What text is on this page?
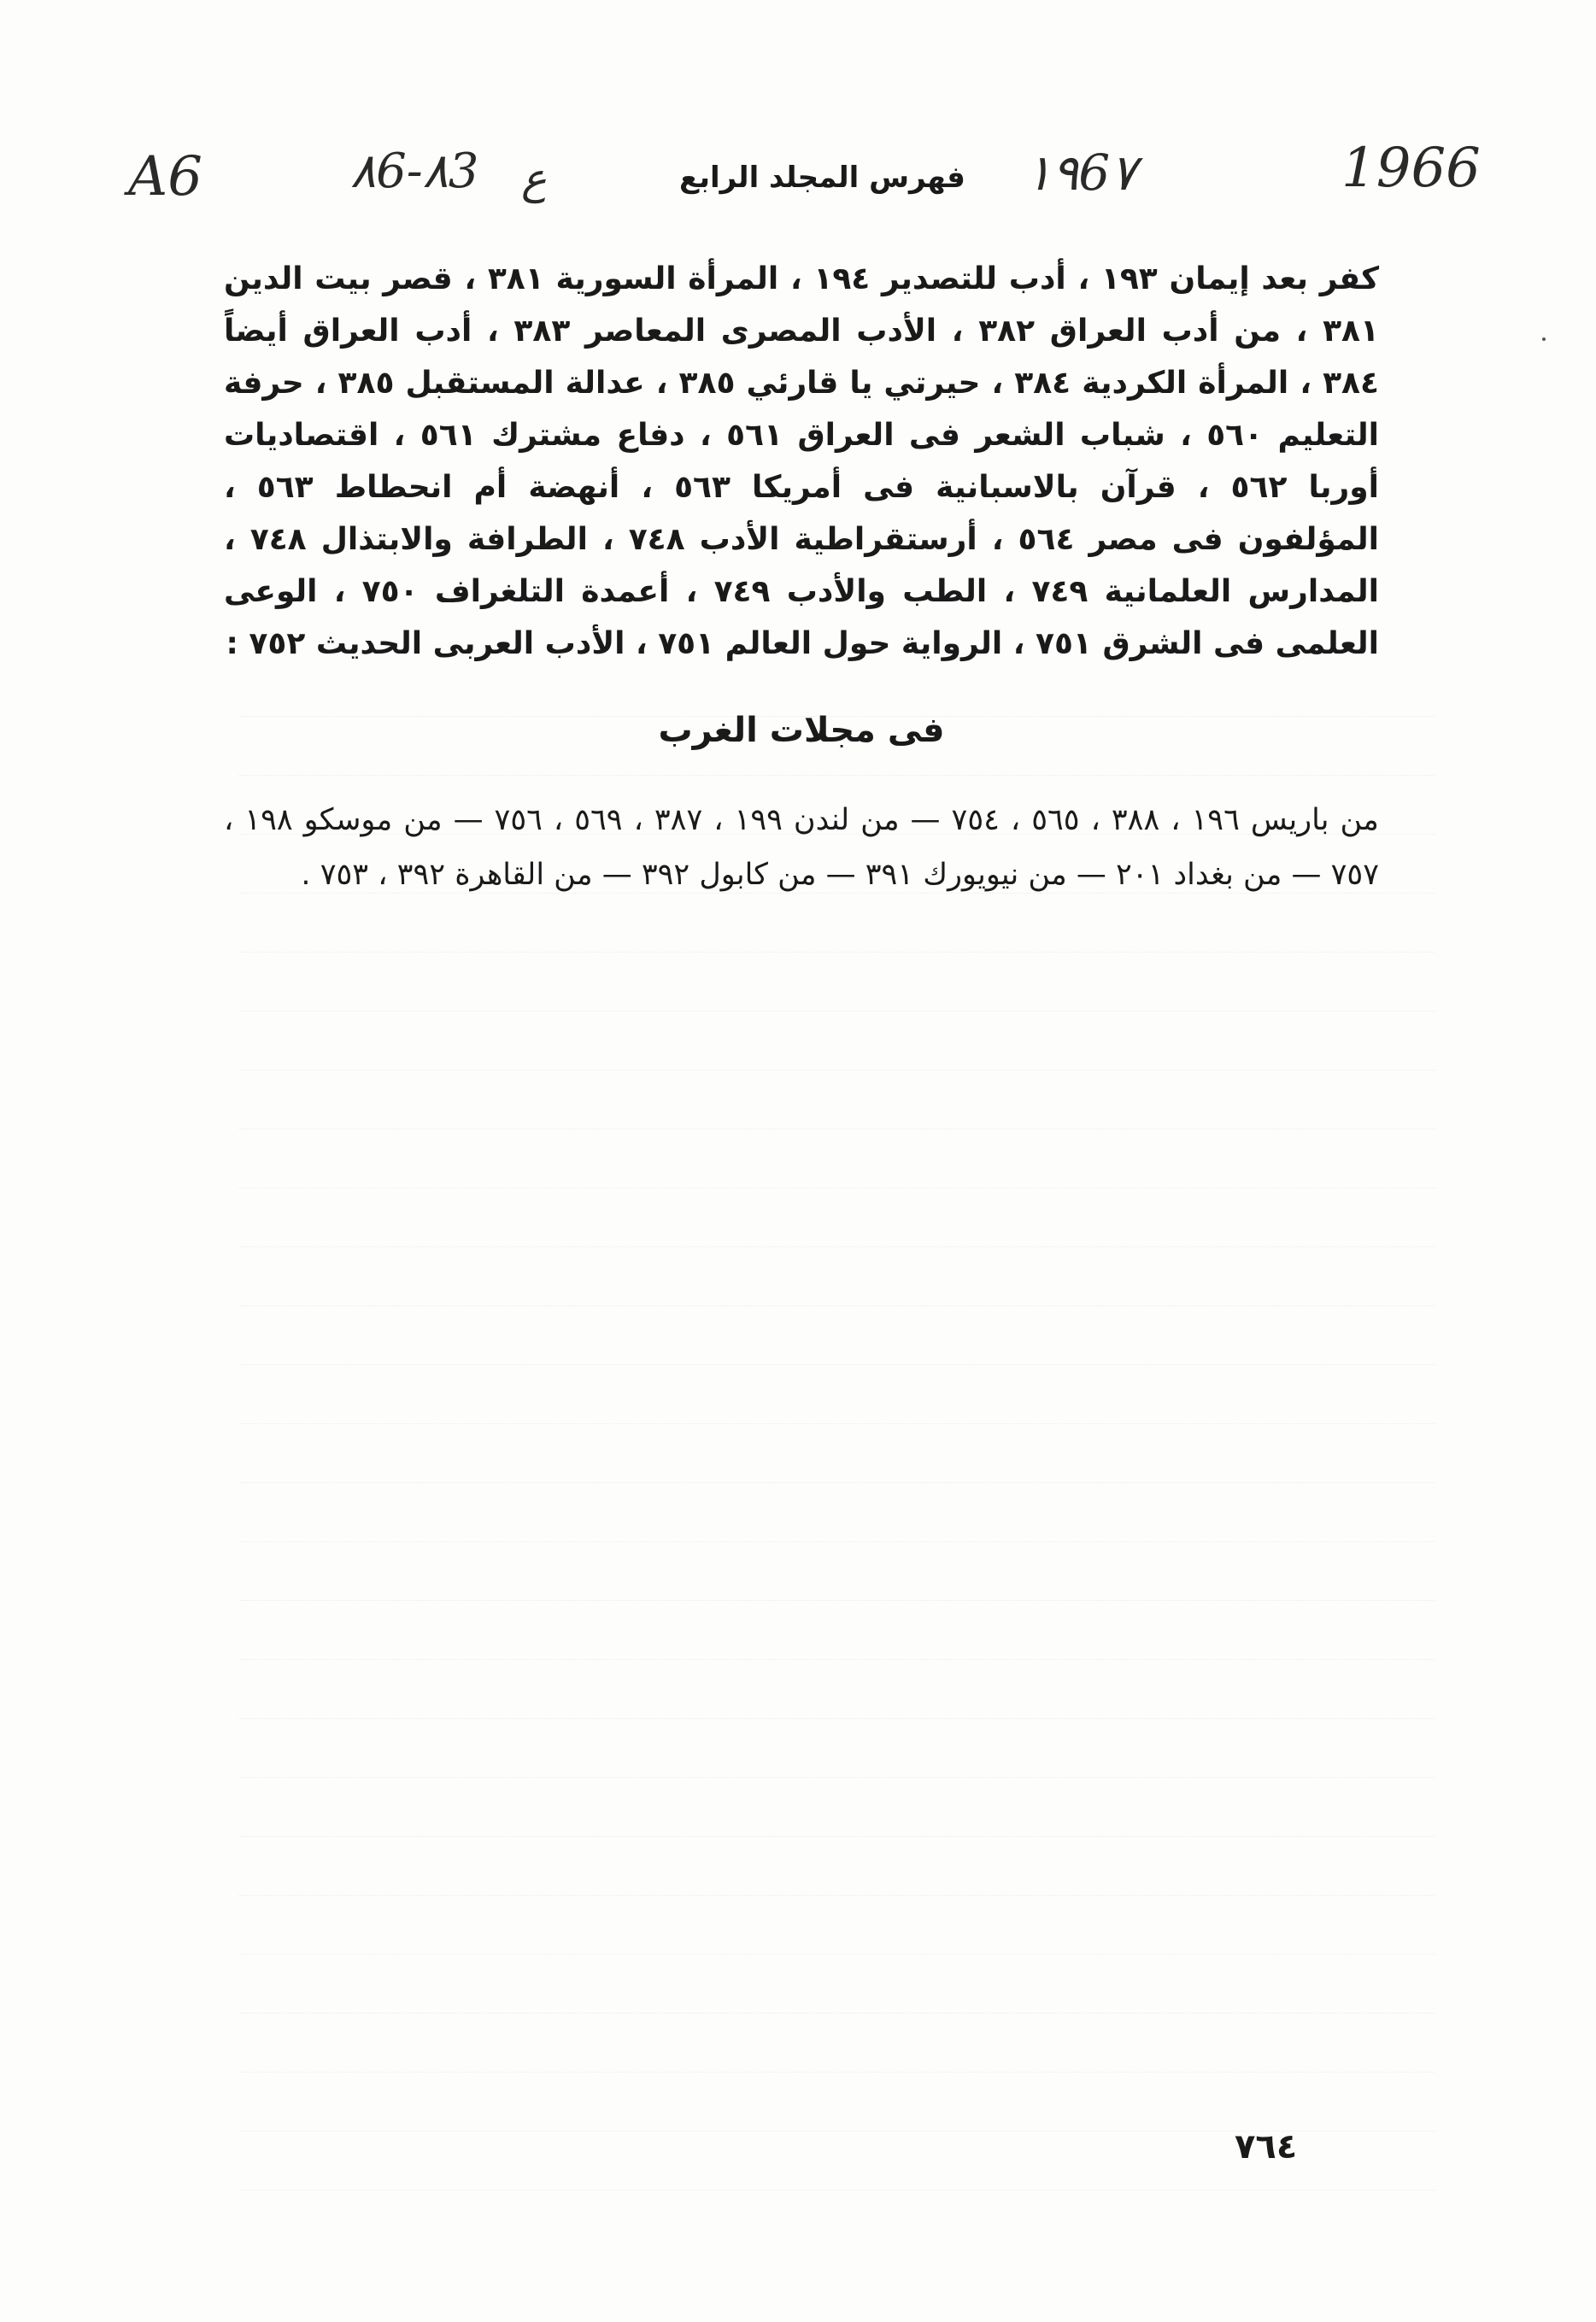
A6	٨6-٨3 ع	فهرس المجلد الرابع ١٩6٧	1966

كفر بعد إيمان ١٩٣ ، أدب للتصدير ١٩٤ ، المرأة السورية ٣٨١ ، قصر بيت الدين ٣٨١ ، من أدب العراق ٣٨٢ ، الأدب المصرى المعاصر ٣٨٣ ، أدب العراق أيضاً ٣٨٤ ، المرأة الكردية ٣٨٤ ، حيرتي يا قارئي ٣٨٥ ، عدالة المستقبل ٣٨٥ ، حرفة التعليم ٥٦٠ ، شباب الشعر فى العراق ٥٦١ ، دفاع مشترك ٥٦١ ، اقتصاديات أوربا ٥٦٢ ، قرآن بالاسبانية فى أمريكا ٥٦٣ ، أنهضة أم انحطاط ٥٦٣ ، المؤلفون فى مصر ٥٦٤ ، أرستقراطية الأدب ٧٤٨ ، الطرافة والابتذال ٧٤٨ ، المدارس العلمانية ٧٤٩ ، الطب والأدب ٧٤٩ ، أعمدة التلغراف ٧٥٠ ، الوعى العلمى فى الشرق ٧٥١ ، الرواية حول العالم ٧٥١ ، الأدب العربى الحديث ٧٥٢ :

فى مجلات الغرب

من باريس ١٩٦ ، ٣٨٨ ، ٥٦٥ ، ٧٥٤ — من لندن ١٩٩ ، ٣٨٧ ، ٥٦٩ ، ٧٥٦ — من موسكو ١٩٨ ، ٧٥٧ — من بغداد ٢٠١ — من نيويورك ٣٩١ — من كابول ٣٩٢ — من القاهرة ٣٩٢ ، ٧٥٣ .

٧٦٤
